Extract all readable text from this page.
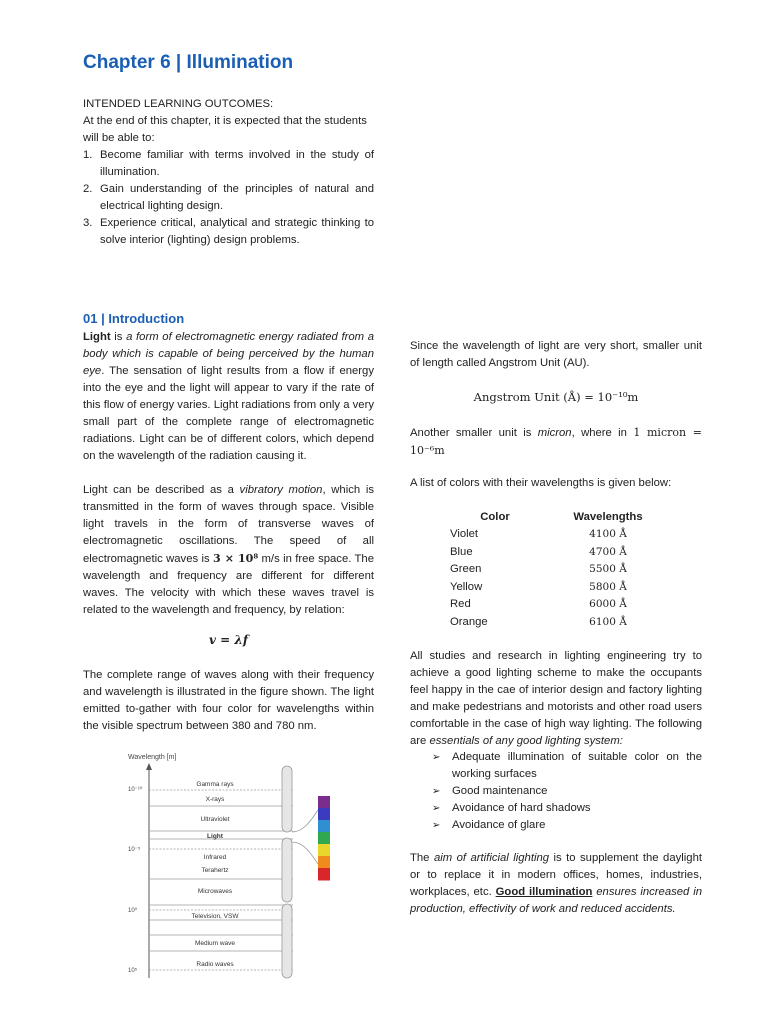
Chapter 6 | Illumination
INTENDED LEARNING OUTCOMES:
At the end of this chapter, it is expected that the students will be able to:
1. Become familiar with terms involved in the study of illumination.
2. Gain understanding of the principles of natural and electrical lighting design.
3. Experience critical, analytical and strategic thinking to solve interior (lighting) design problems.
01 | Introduction
Light is a form of electromagnetic energy radiated from a body which is capable of being perceived by the human eye. The sensation of light results from a flow if energy into the eye and the light will appear to vary if the rate of this flow of energy varies. Light radiations from only a very small part of the complete range of electromagnetic radiations. Light can be of different colors, which depend on the wavelength of the radiation causing it.
Light can be described as a vibratory motion, which is transmitted in the form of waves through space. Visible light travels in the form of transverse waves of electromagnetic oscillations. The speed of all electromagnetic waves is 3 × 10⁸ m/s in free space. The wavelength and frequency are different for different waves. The velocity with which these waves travel is related to the wavelength and frequency, by relation:
v = λf
The complete range of waves along with their frequency and wavelength is illustrated in the figure shown. The light emitted to-gather with four color for wavelengths within the visible spectrum between 380 and 780 nm.
Wavelength [m]
10⁻¹⁰
10⁻⁵
10⁰
10⁵
Gamma rays
X-rays
Ultraviolet
Light
Infrared
Terahertz
Microwaves
Television, VSW
Medium wave
Radio waves
Since the wavelength of light are very short, smaller unit of length called Angstrom Unit (AU).
Angstrom Unit (Å) = 10⁻¹⁰m
Another smaller unit is micron, where in 1 micron = 10⁻⁶m
A list of colors with their wavelengths is given below:
Color	Wavelengths
Violet	4100 Å
Blue	4700 Å
Green	5500 Å
Yellow	5800 Å
Red	6000 Å
Orange	6100 Å
All studies and research in lighting engineering try to achieve a good lighting scheme to make the occupants feel happy in the cae of interior design and factory lighting and make pedestrians and motorists and other road users comfortable in the case of high way lighting. The following are essentials of any good lighting system:
➢ Adequate illumination of suitable color on the working surfaces
➢ Good maintenance
➢ Avoidance of hard shadows
➢ Avoidance of glare
The aim of artificial lighting is to supplement the daylight or to replace it in modern offices, homes, industries, workplaces, etc. Good illumination ensures increased in production, effectivity of work and reduced accidents.
